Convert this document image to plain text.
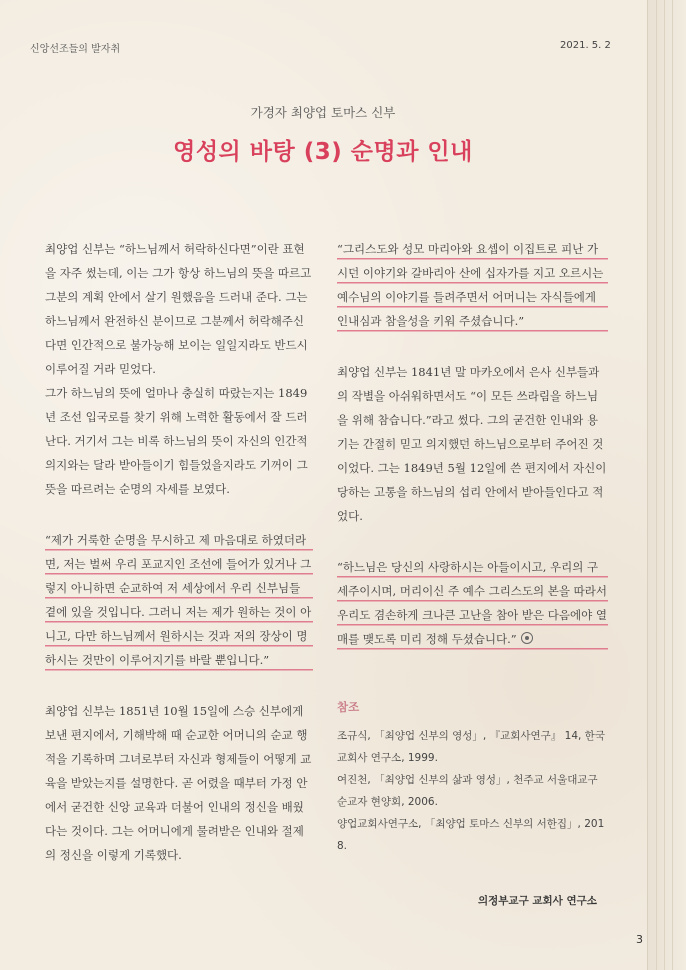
신앙선조들의 발자취	2021. 5. 2
가경자 최양업 토마스 신부
영성의 바탕 (3) 순명과 인내

최양업 신부는 “하느님께서 허락하신다면”이란 표현을 자주 썼는데, 이는 그가 항상 하느님의 뜻을 따르고 그분의 계획 안에서 살기 원했음을 드러내 준다. 그는 하느님께서 완전하신 분이므로 그분께서 허락해주신다면 인간적으로 불가능해 보이는 일일지라도 반드시 이루어질 거라 믿었다.

그가 하느님의 뜻에 얼마나 충실히 따랐는지는 1849년 조선 입국로를 찾기 위해 노력한 활동에서 잘 드러난다. 거기서 그는 비록 하느님의 뜻이 자신의 인간적 의지와는 달라 받아들이기 힘들었을지라도 기꺼이 그 뜻을 따르려는 순명의 자세를 보였다.

“제가 거룩한 순명을 무시하고 제 마음대로 하였더라면, 저는 벌써 우리 포교지인 조선에 들어가 있거나 그렇지 아니하면 순교하여 저 세상에서 우리 신부님들 곁에 있을 것입니다. 그러니 저는 제가 원하는 것이 아니고, 다만 하느님께서 원하시는 것과 저의 장상이 명하시는 것만이 이루어지기를 바랄 뿐입니다.”

최양업 신부는 1851년 10월 15일에 스승 신부에게 보낸 편지에서, 기해박해 때 순교한 어머니의 순교 행적을 기록하며 그녀로부터 자신과 형제들이 어떻게 교육을 받았는지를 설명한다. 곧 어렸을 때부터 가정 안에서 굳건한 신앙 교육과 더불어 인내의 정신을 배웠다는 것이다. 그는 어머니에게 물려받은 인내와 절제의 정신을 이렇게 기록했다.

“그리스도와 성모 마리아와 요셉이 이집트로 피난 가시던 이야기와 갈바리아 산에 십자가를 지고 오르시는 예수님의 이야기를 들려주면서 어머니는 자식들에게 인내심과 참을성을 키워 주셨습니다.”

최양업 신부는 1841년 말 마카오에서 은사 신부들과의 작별을 아쉬워하면서도 “이 모든 쓰라림을 하느님을 위해 참습니다.”라고 썼다. 그의 굳건한 인내와 용기는 간절히 믿고 의지했던 하느님으로부터 주어진 것이었다. 그는 1849년 5월 12일에 쓴 편지에서 자신이 당하는 고통을 하느님의 섭리 안에서 받아들인다고 적었다.

“하느님은 당신의 사랑하시는 아들이시고, 우리의 구세주이시며, 머리이신 주 예수 그리스도의 본을 따라서 우리도 겸손하게 크나큰 고난을 참아 받은 다음에야 열매를 맺도록 미리 정해 두셨습니다.”

참조

조규식, 「최양업 신부의 영성」, 『교회사연구』 14, 한국교회사 연구소, 1999.
여진천, 「최양업 신부의 삶과 영성」, 천주교 서울대교구 순교자 현양회, 2006.
양업교회사연구소, 「최양업 토마스 신부의 서한집」, 2018.
의정부교구 교회사 연구소
3
